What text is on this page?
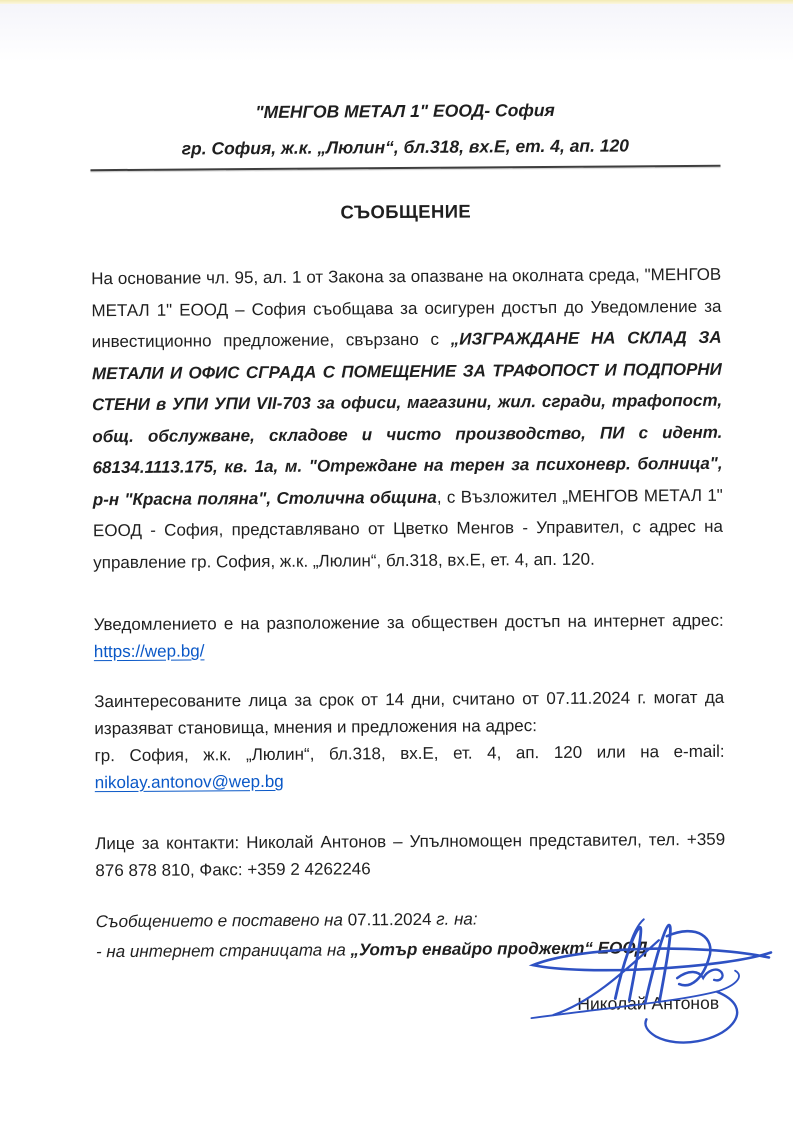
"МЕНГОВ МЕТАЛ 1" ЕООД- София
гр. София, ж.к. „Люлин“, бл.318, вх.Е, ет. 4, ап. 120
СЪОБЩЕНИЕ

На основание чл. 95, ал. 1 от Закона за опазване на околната среда, "МЕНГОВ МЕТАЛ 1" ЕООД – София съобщава за осигурен достъп до Уведомление за инвестиционно предложение, свързано с „ИЗГРАЖДАНЕ НА СКЛАД ЗА МЕТАЛИ И ОФИС СГРАДА С ПОМЕЩЕНИЕ ЗА ТРАФОПОСТ И ПОДПОРНИ СТЕНИ в УПИ УПИ VII-703 за офиси, магазини, жил. сгради, трафопост, общ. обслужване, складове и чисто производство, ПИ с идент. 68134.1113.175, кв. 1а, м. "Отреждане на терен за психоневр. болница", р-н "Красна поляна", Столична община, с Възложител „МЕНГОВ МЕТАЛ 1" ЕООД - София, представлявано от Цветко Менгов - Управител, с адрес на управление гр. София, ж.к. „Люлин“, бл.318, вх.Е, ет. 4, ап. 120.

Уведомлението е на разположение за обществен достъп на интернет адрес:

https://wep.bg/

Заинтересованите лица за срок от 14 дни, считано от 07.11.2024 г. могат да изразяват становища, мнения и предложения на адрес:

гр. София, ж.к. „Люлин“, бл.318, вх.Е, ет. 4, ап. 120 или на e-mail:

nikolay.antonov@wep.bg

Лице за контакти: Николай Антонов – Упълномощен представител, тел. +359 876 878 810, Факс: +359 2 4262246

Съобщението е поставено на 07.11.2024 г. на:

- на интернет страницата на „Уотър енвайро проджект“ ЕООД

Николай Антонов
